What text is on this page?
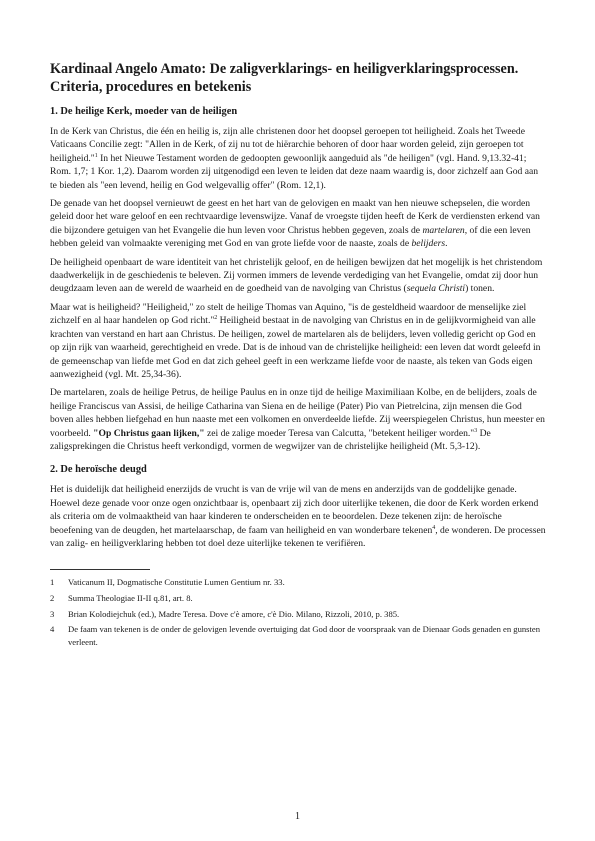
Kardinaal Angelo Amato: De zaligverklarings- en heiligverklaringsprocessen. Criteria, procedures en betekenis
1. De heilige Kerk, moeder van de heiligen

In de Kerk van Christus, die één en heilig is, zijn alle christenen door het doopsel geroepen tot heiligheid. Zoals het Tweede Vaticaans Concilie zegt: "Allen in de Kerk, of zij nu tot de hiërarchie behoren of door haar worden geleid, zijn geroepen tot heiligheid."$^1$ In het Nieuwe Testament worden de gedoopten gewoonlijk aangeduid als "de heiligen" (vgl. Hand. 9,13.32-41; Rom. 1,7; 1 Kor. 1,2). Daarom worden zij uitgenodigd een leven te leiden dat deze naam waardig is, door zichzelf aan God aan te bieden als "een levend, heilig en God welgevallig offer" (Rom. 12,1).

De genade van het doopsel vernieuwt de geest en het hart van de gelovigen en maakt van hen nieuwe schepselen, die worden geleid door het ware geloof en een rechtvaardige levenswijze. Vanaf de vroegste tijden heeft de Kerk de verdiensten erkend van die bijzondere getuigen van het Evangelie die hun leven voor Christus hebben gegeven, zoals de martelaren, of die een leven hebben geleid van volmaakte vereniging met God en van grote liefde voor de naaste, zoals de belijders.

De heiligheid openbaart de ware identiteit van het christelijk geloof, en de heiligen bewijzen dat het mogelijk is het christendom daadwerkelijk in de geschiedenis te beleven. Zij vormen immers de levende verdediging van het Evangelie, omdat zij door hun deugdzaam leven aan de wereld de waarheid en de goedheid van de navolging van Christus (sequela Christi) tonen.

Maar wat is heiligheid? "Heiligheid," zo stelt de heilige Thomas van Aquino, "is de gesteldheid waardoor de menselijke ziel zichzelf en al haar handelen op God richt."$^2$ Heiligheid bestaat in de navolging van Christus en in de gelijkvormigheid van alle krachten van verstand en hart aan Christus. De heiligen, zowel de martelaren als de belijders, leven volledig gericht op God en op zijn rijk van waarheid, gerechtigheid en vrede. Dat is de inhoud van de christelijke heiligheid: een leven dat wordt geleefd in de gemeenschap van liefde met God en dat zich geheel geeft in een werkzame liefde voor de naaste, als teken van Gods eigen aanwezigheid (vgl. Mt. 25,34-36).

De martelaren, zoals de heilige Petrus, de heilige Paulus en in onze tijd de heilige Maximiliaan Kolbe, en de belijders, zoals de heilige Franciscus van Assisi, de heilige Catharina van Siena en de heilige (Pater) Pio van Pietrelcina, zijn mensen die God boven alles hebben liefgehad en hun naaste met een volkomen en onverdeelde liefde. Zij weerspiegelen Christus, hun meester en voorbeeld. "Op Christus gaan lijken," zei de zalige moeder Teresa van Calcutta, "betekent heiliger worden."$^3$ De zaligsprekingen die Christus heeft verkondigd, vormen de wegwijzer van de christelijke heiligheid (Mt. 5,3-12).

2. De heroïsche deugd

Het is duidelijk dat heiligheid enerzijds de vrucht is van de vrije wil van de mens en anderzijds van de goddelijke genade. Hoewel deze genade voor onze ogen onzichtbaar is, openbaart zij zich door uiterlijke tekenen, die door de Kerk worden erkend als criteria om de volmaaktheid van haar kinderen te onderscheiden en te beoordelen. Deze tekenen zijn: de heroïsche beoefening van de deugden, het martelaarschap, de faam van heiligheid en van wonderbare tekenen$^4$, de wonderen. De processen van zalig- en heiligverklaring hebben tot doel deze uiterlijke tekenen te verifiëren.

1	Vaticanum II, Dogmatische Constitutie Lumen Gentium nr. 33.
2	Summa Theologiae II-II q.81, art. 8.
3	Brian Kolodiejchuk (ed.), Madre Teresa. Dove c'è amore, c'è Dio. Milano, Rizzoli, 2010, p. 385.
4	De faam van tekenen is de onder de gelovigen levende overtuiging dat God door de voorspraak van de Dienaar Gods genaden en gunsten verleent.
1
